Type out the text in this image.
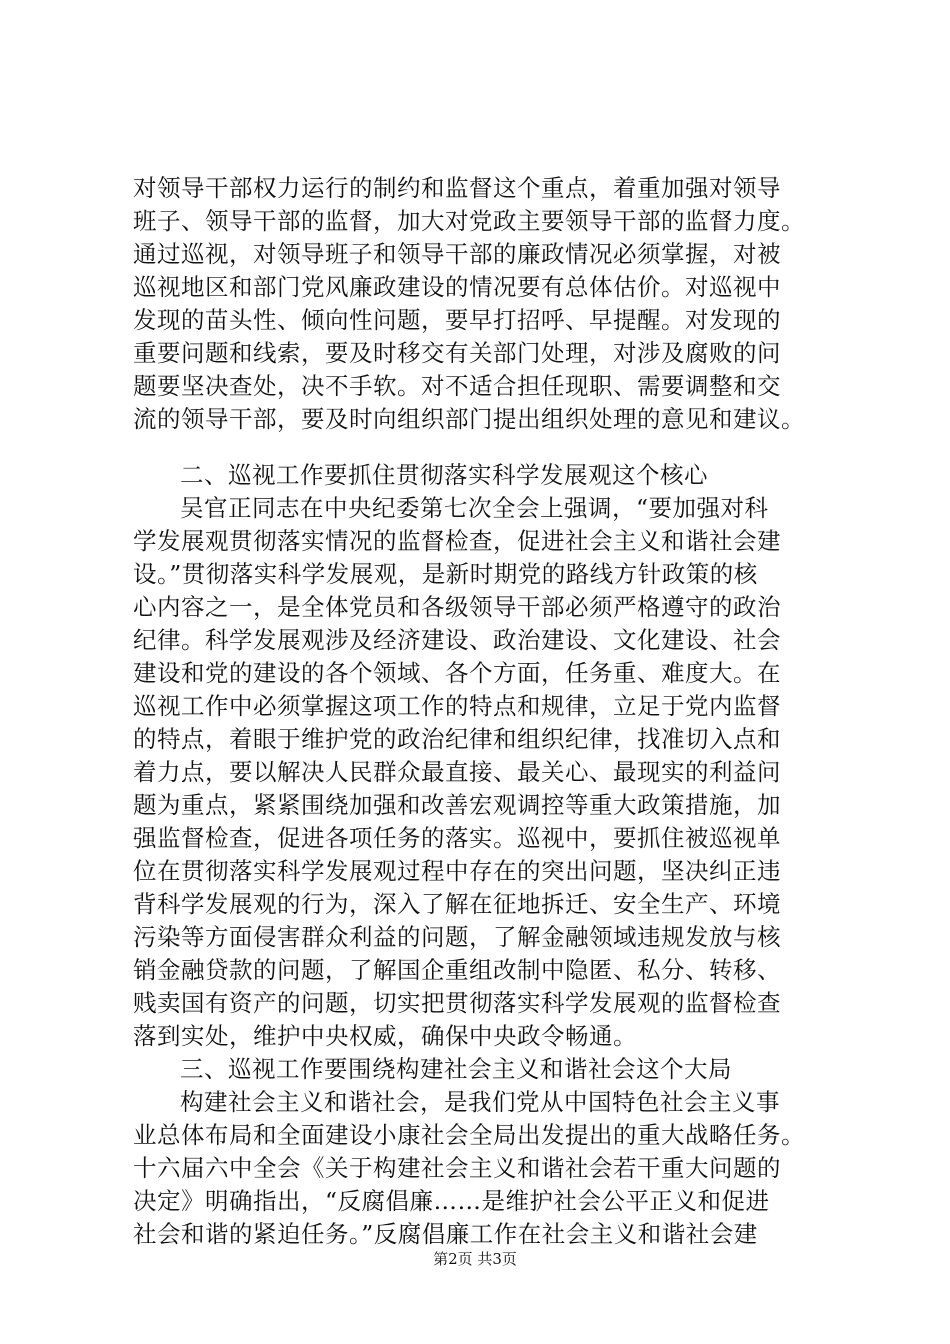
对领导干部权力运行的制约和监督这个重点，着重加强对领导
班子、领导干部的监督，加大对党政主要领导干部的监督力度。
通过巡视，对领导班子和领导干部的廉政情况必须掌握，对被
巡视地区和部门党风廉政建设的情况要有总体估价。对巡视中
发现的苗头性、倾向性问题，要早打招呼、早提醒。对发现的
重要问题和线索，要及时移交有关部门处理，对涉及腐败的问
题要坚决查处，决不手软。对不适合担任现职、需要调整和交
流的领导干部，要及时向组织部门提出组织处理的意见和建议。
二、巡视工作要抓住贯彻落实科学发展观这个核心
吴官正同志在中央纪委第七次全会上强调，“要加强对科
学发展观贯彻落实情况的监督检查，促进社会主义和谐社会建
设。”贯彻落实科学发展观，是新时期党的路线方针政策的核
心内容之一，是全体党员和各级领导干部必须严格遵守的政治
纪律。科学发展观涉及经济建设、政治建设、文化建设、社会
建设和党的建设的各个领域、各个方面，任务重、难度大。在
巡视工作中必须掌握这项工作的特点和规律，立足于党内监督
的特点，着眼于维护党的政治纪律和组织纪律，找准切入点和
着力点，要以解决人民群众最直接、最关心、最现实的利益问
题为重点，紧紧围绕加强和改善宏观调控等重大政策措施，加
强监督检查，促进各项任务的落实。巡视中，要抓住被巡视单
位在贯彻落实科学发展观过程中存在的突出问题，坚决纠正违
背科学发展观的行为，深入了解在征地拆迁、安全生产、环境
污染等方面侵害群众利益的问题，了解金融领域违规发放与核
销金融贷款的问题，了解国企重组改制中隐匿、私分、转移、
贱卖国有资产的问题，切实把贯彻落实科学发展观的监督检查
落到实处，维护中央权威，确保中央政令畅通。
三、巡视工作要围绕构建社会主义和谐社会这个大局
构建社会主义和谐社会，是我们党从中国特色社会主义事
业总体布局和全面建设小康社会全局出发提出的重大战略任务。
十六届六中全会《关于构建社会主义和谐社会若干重大问题的
决定》明确指出，“反腐倡廉……是维护社会公平正义和促进
社会和谐的紧迫任务。”反腐倡廉工作在社会主义和谐社会建
第2页 共3页
